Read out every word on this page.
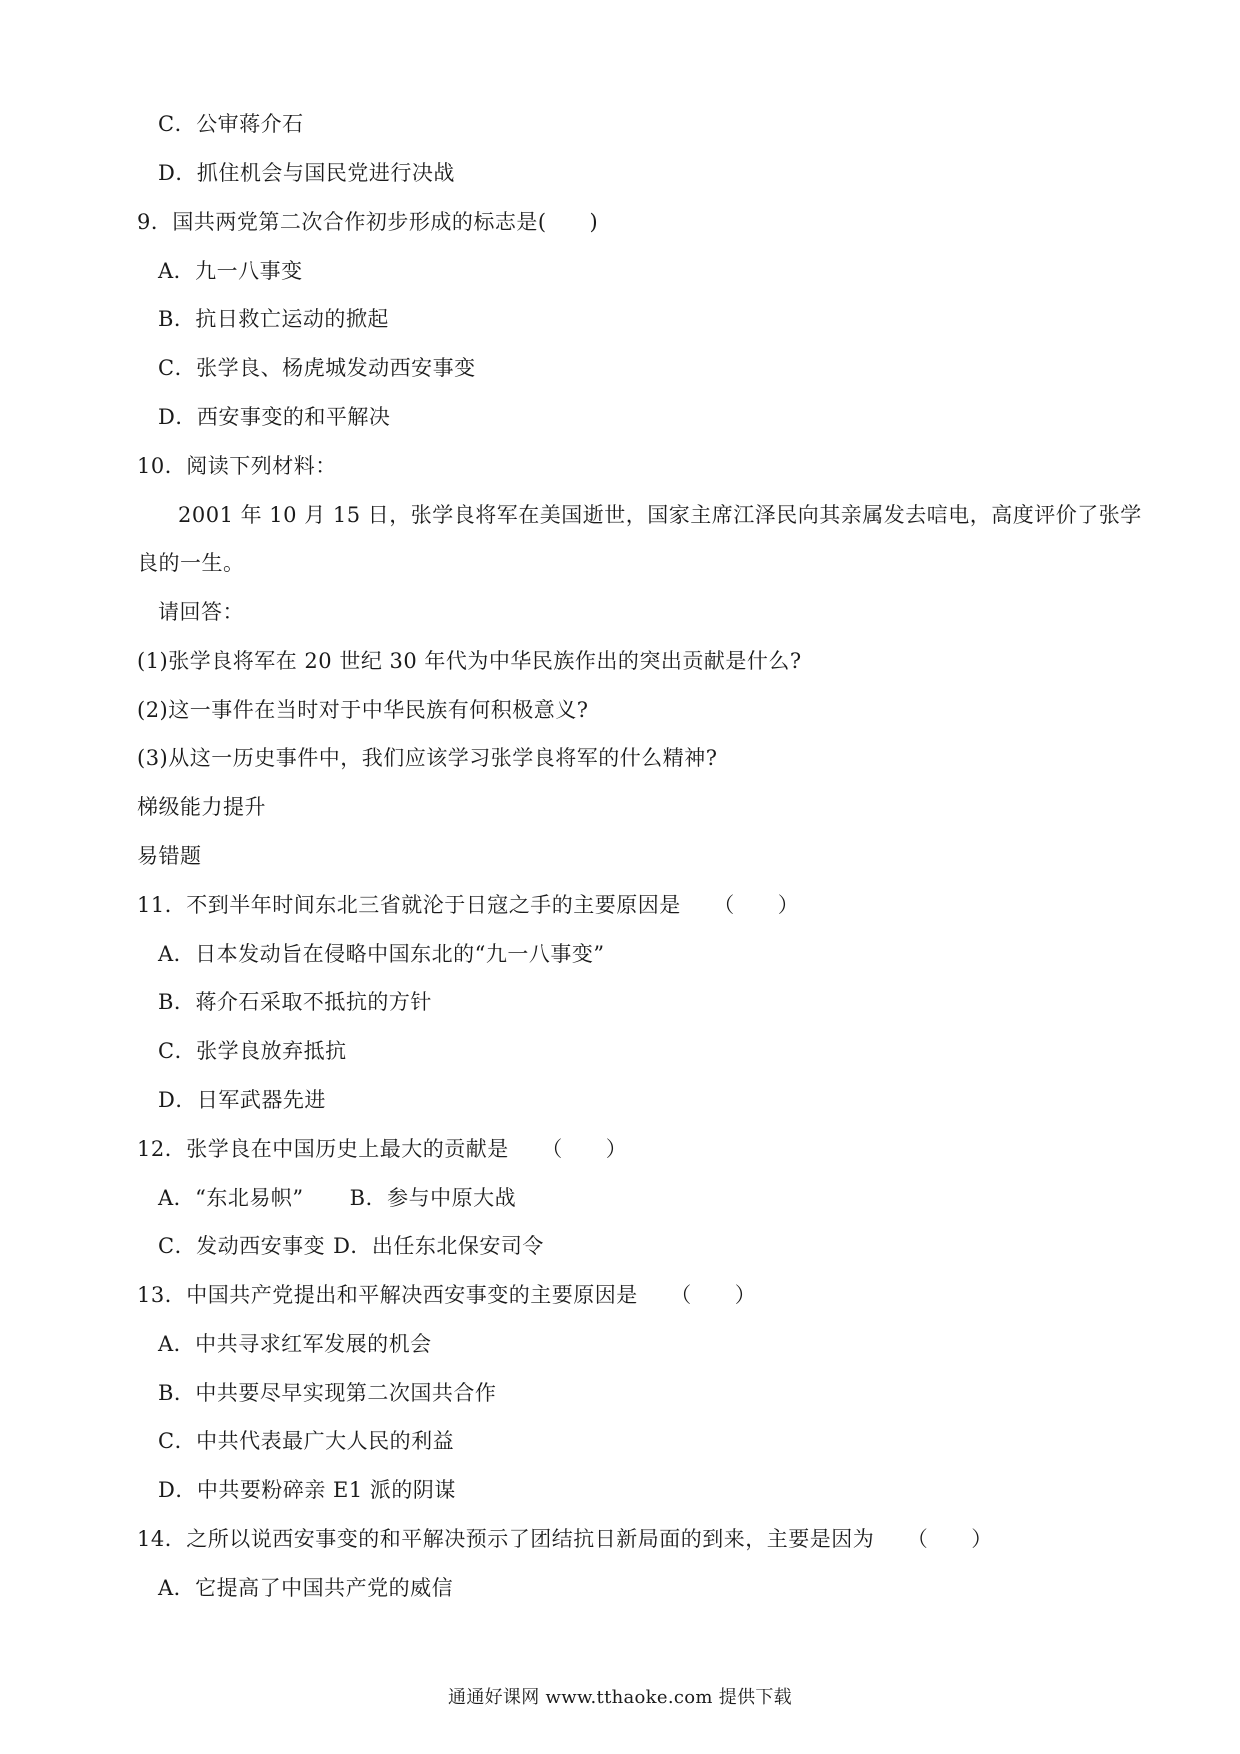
C．公审蒋介石
D．抓住机会与国民党进行决战
9．国共两党第二次合作初步形成的标志是(　　)
A．九一八事变
B．抗日救亡运动的掀起
C．张学良、杨虎城发动西安事变
D．西安事变的和平解决
10．阅读下列材料：
2001 年 10 月 15 日，张学良将军在美国逝世，国家主席江泽民向其亲属发去唁电，高度评价了张学
良的一生。
请回答：
(1)张学良将军在 20 世纪 30 年代为中华民族作出的突出贡献是什么?
(2)这一事件在当时对于中华民族有何积极意义?
(3)从这一历史事件中，我们应该学习张学良将军的什么精神?
梯级能力提升
易错题
11．不到半年时间东北三省就沦于日寇之手的主要原因是　　（　　）
A．日本发动旨在侵略中国东北的“九一八事变”
B．蒋介石采取不抵抗的方针
C．张学良放弃抵抗
D．日军武器先进
12．张学良在中国历史上最大的贡献是　　（　　）
A．“东北易帜” B．参与中原大战
C．发动西安事变 D．出任东北保安司令
13．中国共产党提出和平解决西安事变的主要原因是　　（　　）
A．中共寻求红军发展的机会
B．中共要尽早实现第二次国共合作
C．中共代表最广大人民的利益
D．中共要粉碎亲 E1 派的阴谋
14．之所以说西安事变的和平解决预示了团结抗日新局面的到来，主要是因为　　（　　）
A．它提高了中国共产党的威信
通通好课网 www.tthaoke.com 提供下载
